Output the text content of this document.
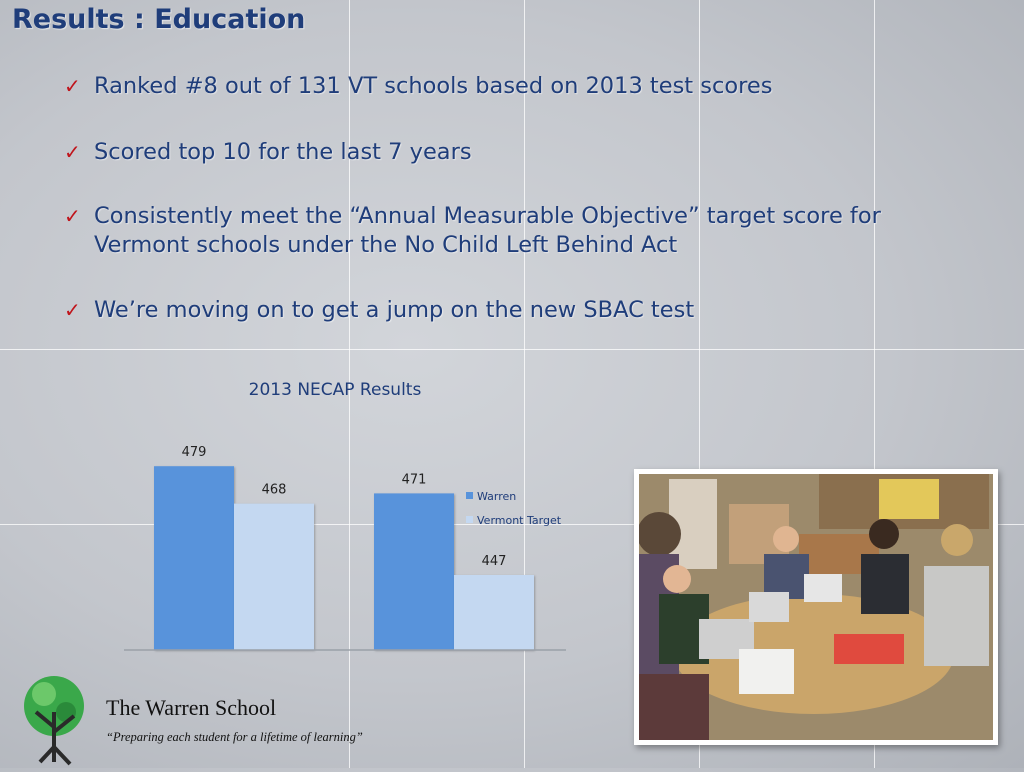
Results : Education
✓ Ranked #8 out of 131 VT schools based on 2013 test scores
✓ Scored top 10 for the last 7 years
✓ Consistently meet the “Annual Measurable Objective” target score for Vermont schools under the No Child Left Behind Act
✓ We’re moving on to get a jump on the new SBAC test
2013 NECAP Results
479
468
471
447
Warren
Vermont Target

The Warren School

“Preparing each student for a lifetime of learning”
